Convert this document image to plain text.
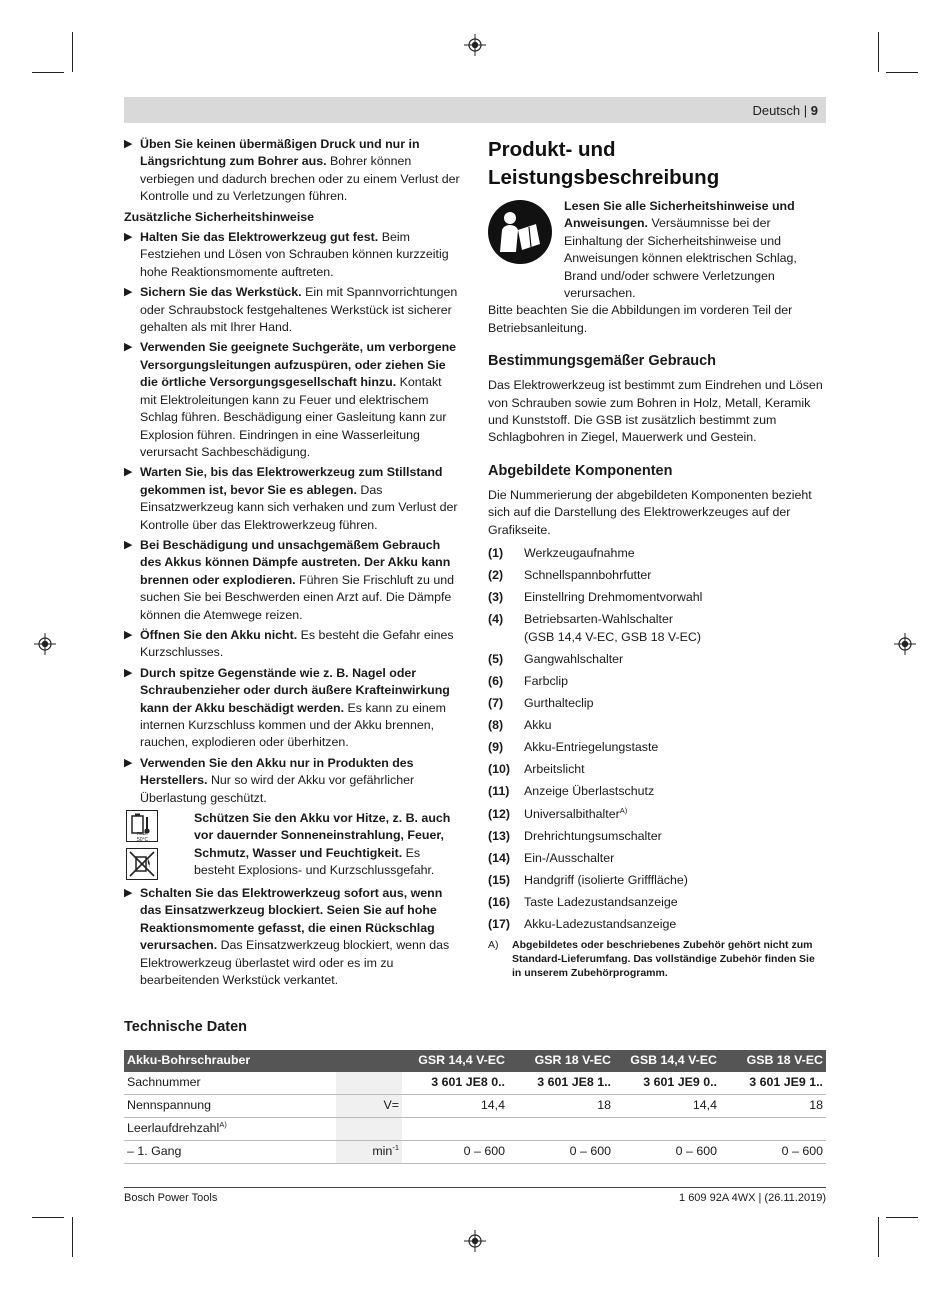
Deutsch | 9
▶ Üben Sie keinen übermäßigen Druck und nur in Längsrichtung zum Bohrer aus. Bohrer können verbiegen und dadurch brechen oder zu einem Verlust der Kontrolle und zu Verletzungen führen.

Zusätzliche Sicherheitshinweise

▶ Halten Sie das Elektrowerkzeug gut fest. Beim Festziehen und Lösen von Schrauben können kurzzeitig hohe Reaktionsmomente auftreten.
▶ Sichern Sie das Werkstück. Ein mit Spannvorrichtungen oder Schraubstock festgehaltenes Werkstück ist sicherer gehalten als mit Ihrer Hand.
▶ Verwenden Sie geeignete Suchgeräte, um verborgene Versorgungsleitungen aufzuspüren, oder ziehen Sie die örtliche Versorgungsgesellschaft hinzu. Kontakt mit Elektroleitungen kann zu Feuer und elektrischem Schlag führen. Beschädigung einer Gasleitung kann zur Explosion führen. Eindringen in eine Wasserleitung verursacht Sachbeschädigung.
▶ Warten Sie, bis das Elektrowerkzeug zum Stillstand gekommen ist, bevor Sie es ablegen. Das Einsatzwerkzeug kann sich verhaken und zum Verlust der Kontrolle über das Elektrowerkzeug führen.
▶ Bei Beschädigung und unsachgemäßem Gebrauch des Akkus können Dämpfe austreten. Der Akku kann brennen oder explodieren. Führen Sie Frischluft zu und suchen Sie bei Beschwerden einen Arzt auf. Die Dämpfe können die Atemwege reizen.
▶ Öffnen Sie den Akku nicht. Es besteht die Gefahr eines Kurzschlusses.
▶ Durch spitze Gegenstände wie z. B. Nagel oder Schraubenzieher oder durch äußere Krafteinwirkung kann der Akku beschädigt werden. Es kann zu einem internen Kurzschluss kommen und der Akku brennen, rauchen, explodieren oder überhitzen.
▶ Verwenden Sie den Akku nur in Produkten des Herstellers. Nur so wird der Akku vor gefährlicher Überlastung geschützt.
max. 50°C
Schützen Sie den Akku vor Hitze, z. B. auch vor dauernder Sonneneinstrahlung, Feuer, Schmutz, Wasser und Feuchtigkeit. Es besteht Explosions- und Kurzschlussgefahr.
▶ Schalten Sie das Elektrowerkzeug sofort aus, wenn das Einsatzwerkzeug blockiert. Seien Sie auf hohe Reaktionsmomente gefasst, die einen Rückschlag verursachen. Das Einsatzwerkzeug blockiert, wenn das Elektrowerkzeug überlastet wird oder es im zu bearbeitenden Werkstück verkantet.
Produkt- und Leistungsbeschreibung
Lesen Sie alle Sicherheitshinweise und Anweisungen. Versäumnisse bei der Einhaltung der Sicherheitshinweise und Anweisungen können elektrischen Schlag, Brand und/oder schwere Verletzungen verursachen.

Bitte beachten Sie die Abbildungen im vorderen Teil der Betriebsanleitung.

Bestimmungsgemäßer Gebrauch

Das Elektrowerkzeug ist bestimmt zum Eindrehen und Lösen von Schrauben sowie zum Bohren in Holz, Metall, Keramik und Kunststoff. Die GSB ist zusätzlich bestimmt zum Schlagbohren in Ziegel, Mauerwerk und Gestein.

Abgebildete Komponenten

Die Nummerierung der abgebildeten Komponenten bezieht sich auf die Darstellung des Elektrowerkzeuges auf der Grafikseite.

(1)	Werkzeugaufnahme
(2)	Schnellspannbohrfutter
(3)	Einstellring Drehmomentvorwahl
(4)	Betriebsarten-Wahlschalter
(GSB 14,4 V-EC, GSB 18 V-EC)
(5)	Gangwahlschalter
(6)	Farbclip
(7)	Gurthalteclip
(8)	Akku
(9)	Akku-Entriegelungstaste
(10)	Arbeitslicht
(11)	Anzeige Überlastschutz
(12)	Universalbithalter$^{A)}$
(13)	Drehrichtungsumschalter
(14)	Ein-/Ausschalter
(15)	Handgriff (isolierte Grifffläche)
(16)	Taste Ladezustandsanzeige
(17)	Akku-Ladezustandsanzeige
A)	Abgebildetes oder beschriebenes Zubehör gehört nicht zum Standard-Lieferumfang. Das vollständige Zubehör finden Sie in unserem Zubehörprogramm.
Technische Daten
Akku-Bohrschrauber		GSR 14,4 V-EC	GSR 18 V-EC	GSB 14,4 V-EC	GSB 18 V-EC
Sachnummer		3 601 JE8 0..	3 601 JE8 1..	3 601 JE9 0..	3 601 JE9 1..
Nennspannung	V=	14,4	18	14,4	18
Leerlaufdrehzahl$^{A)}$					
– 1. Gang	$\min^{-1}$	0 – 600	0 – 600	0 – 600	0 – 600
Bosch Power Tools	1 609 92A 4WX | (26.11.2019)
